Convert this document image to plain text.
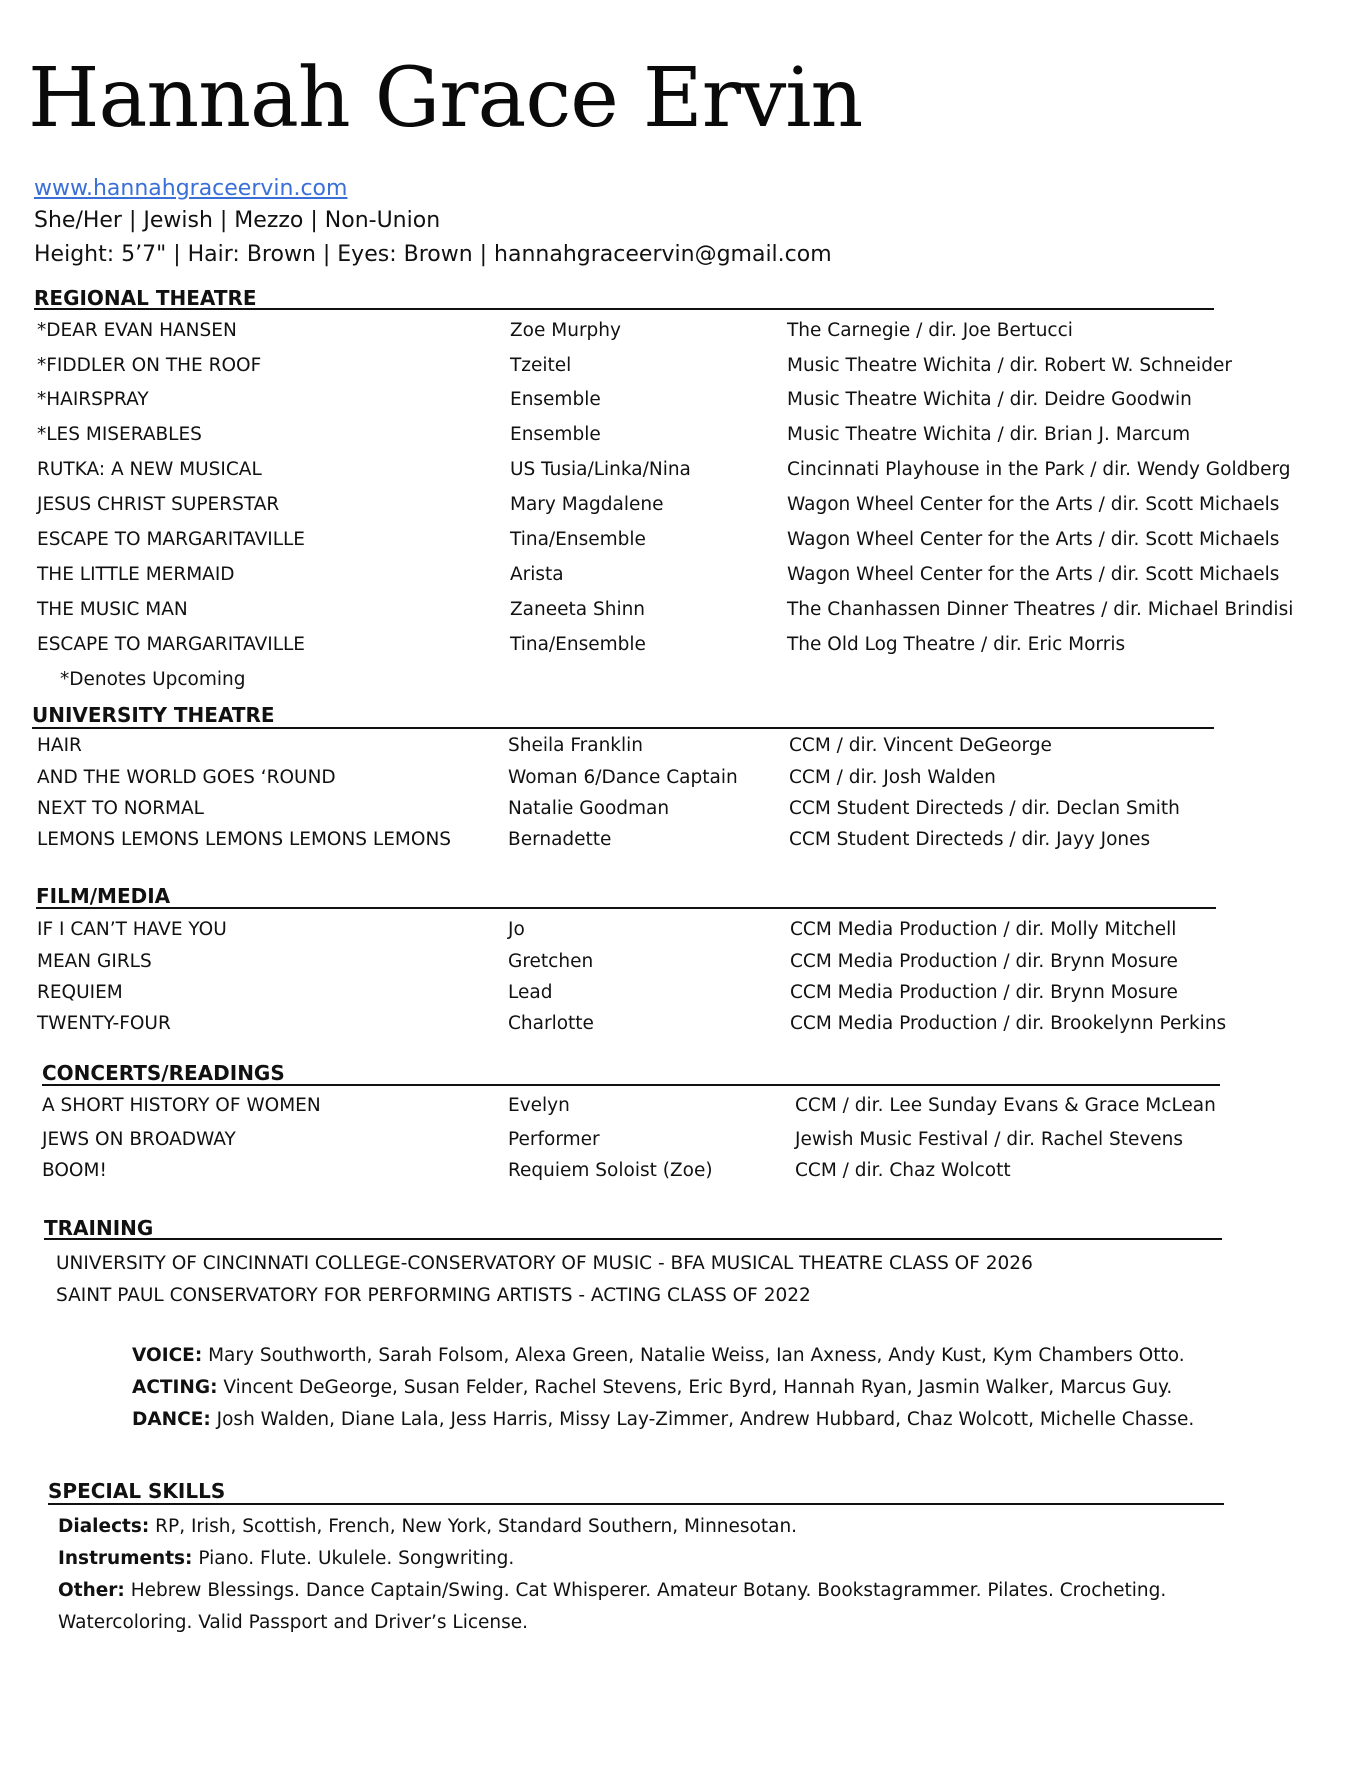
Hannah Grace Ervin
www.hannahgraceervin.com
She/Her | Jewish | Mezzo | Non-Union
Height: 5’7" | Hair: Brown | Eyes: Brown | hannahgraceervin@gmail.com
REGIONAL THEATRE
*DEAR EVAN HANSEN	Zoe Murphy	The Carnegie / dir. Joe Bertucci
*FIDDLER ON THE ROOF	Tzeitel	Music Theatre Wichita / dir. Robert W. Schneider
*HAIRSPRAY	Ensemble	Music Theatre Wichita / dir. Deidre Goodwin
*LES MISERABLES	Ensemble	Music Theatre Wichita / dir. Brian J. Marcum
RUTKA: A NEW MUSICAL	US Tusia/Linka/Nina	Cincinnati Playhouse in the Park / dir. Wendy Goldberg
JESUS CHRIST SUPERSTAR	Mary Magdalene	Wagon Wheel Center for the Arts / dir. Scott Michaels
ESCAPE TO MARGARITAVILLE	Tina/Ensemble	Wagon Wheel Center for the Arts / dir. Scott Michaels
THE LITTLE MERMAID	Arista	Wagon Wheel Center for the Arts / dir. Scott Michaels
THE MUSIC MAN	Zaneeta Shinn	The Chanhassen Dinner Theatres / dir. Michael Brindisi
ESCAPE TO MARGARITAVILLE	Tina/Ensemble	The Old Log Theatre / dir. Eric Morris
*Denotes Upcoming
UNIVERSITY THEATRE
HAIR	Sheila Franklin	CCM / dir. Vincent DeGeorge
AND THE WORLD GOES ‘ROUND	Woman 6/Dance Captain	CCM / dir. Josh Walden
NEXT TO NORMAL	Natalie Goodman	CCM Student Directeds / dir. Declan Smith
LEMONS LEMONS LEMONS LEMONS LEMONS	Bernadette	CCM Student Directeds / dir. Jayy Jones
FILM/MEDIA
IF I CAN’T HAVE YOU	Jo	CCM Media Production / dir. Molly Mitchell
MEAN GIRLS	Gretchen	CCM Media Production / dir. Brynn Mosure
REQUIEM	Lead	CCM Media Production / dir. Brynn Mosure
TWENTY-FOUR	Charlotte	CCM Media Production / dir. Brookelynn Perkins
CONCERTS/READINGS
A SHORT HISTORY OF WOMEN	Evelyn	CCM / dir. Lee Sunday Evans & Grace McLean
JEWS ON BROADWAY	Performer	Jewish Music Festival / dir. Rachel Stevens
BOOM!	Requiem Soloist (Zoe)	CCM / dir. Chaz Wolcott
TRAINING
UNIVERSITY OF CINCINNATI COLLEGE-CONSERVATORY OF MUSIC - BFA MUSICAL THEATRE CLASS OF 2026
SAINT PAUL CONSERVATORY FOR PERFORMING ARTISTS - ACTING CLASS OF 2022
VOICE: Mary Southworth, Sarah Folsom, Alexa Green, Natalie Weiss, Ian Axness, Andy Kust, Kym Chambers Otto.
ACTING: Vincent DeGeorge, Susan Felder, Rachel Stevens, Eric Byrd, Hannah Ryan, Jasmin Walker, Marcus Guy.
DANCE: Josh Walden, Diane Lala, Jess Harris, Missy Lay-Zimmer, Andrew Hubbard, Chaz Wolcott, Michelle Chasse.
SPECIAL SKILLS
Dialects: RP, Irish, Scottish, French, New York, Standard Southern, Minnesotan.
Instruments: Piano. Flute. Ukulele. Songwriting.
Other: Hebrew Blessings. Dance Captain/Swing. Cat Whisperer. Amateur Botany. Bookstagrammer. Pilates. Crocheting.
Watercoloring. Valid Passport and Driver’s License.
